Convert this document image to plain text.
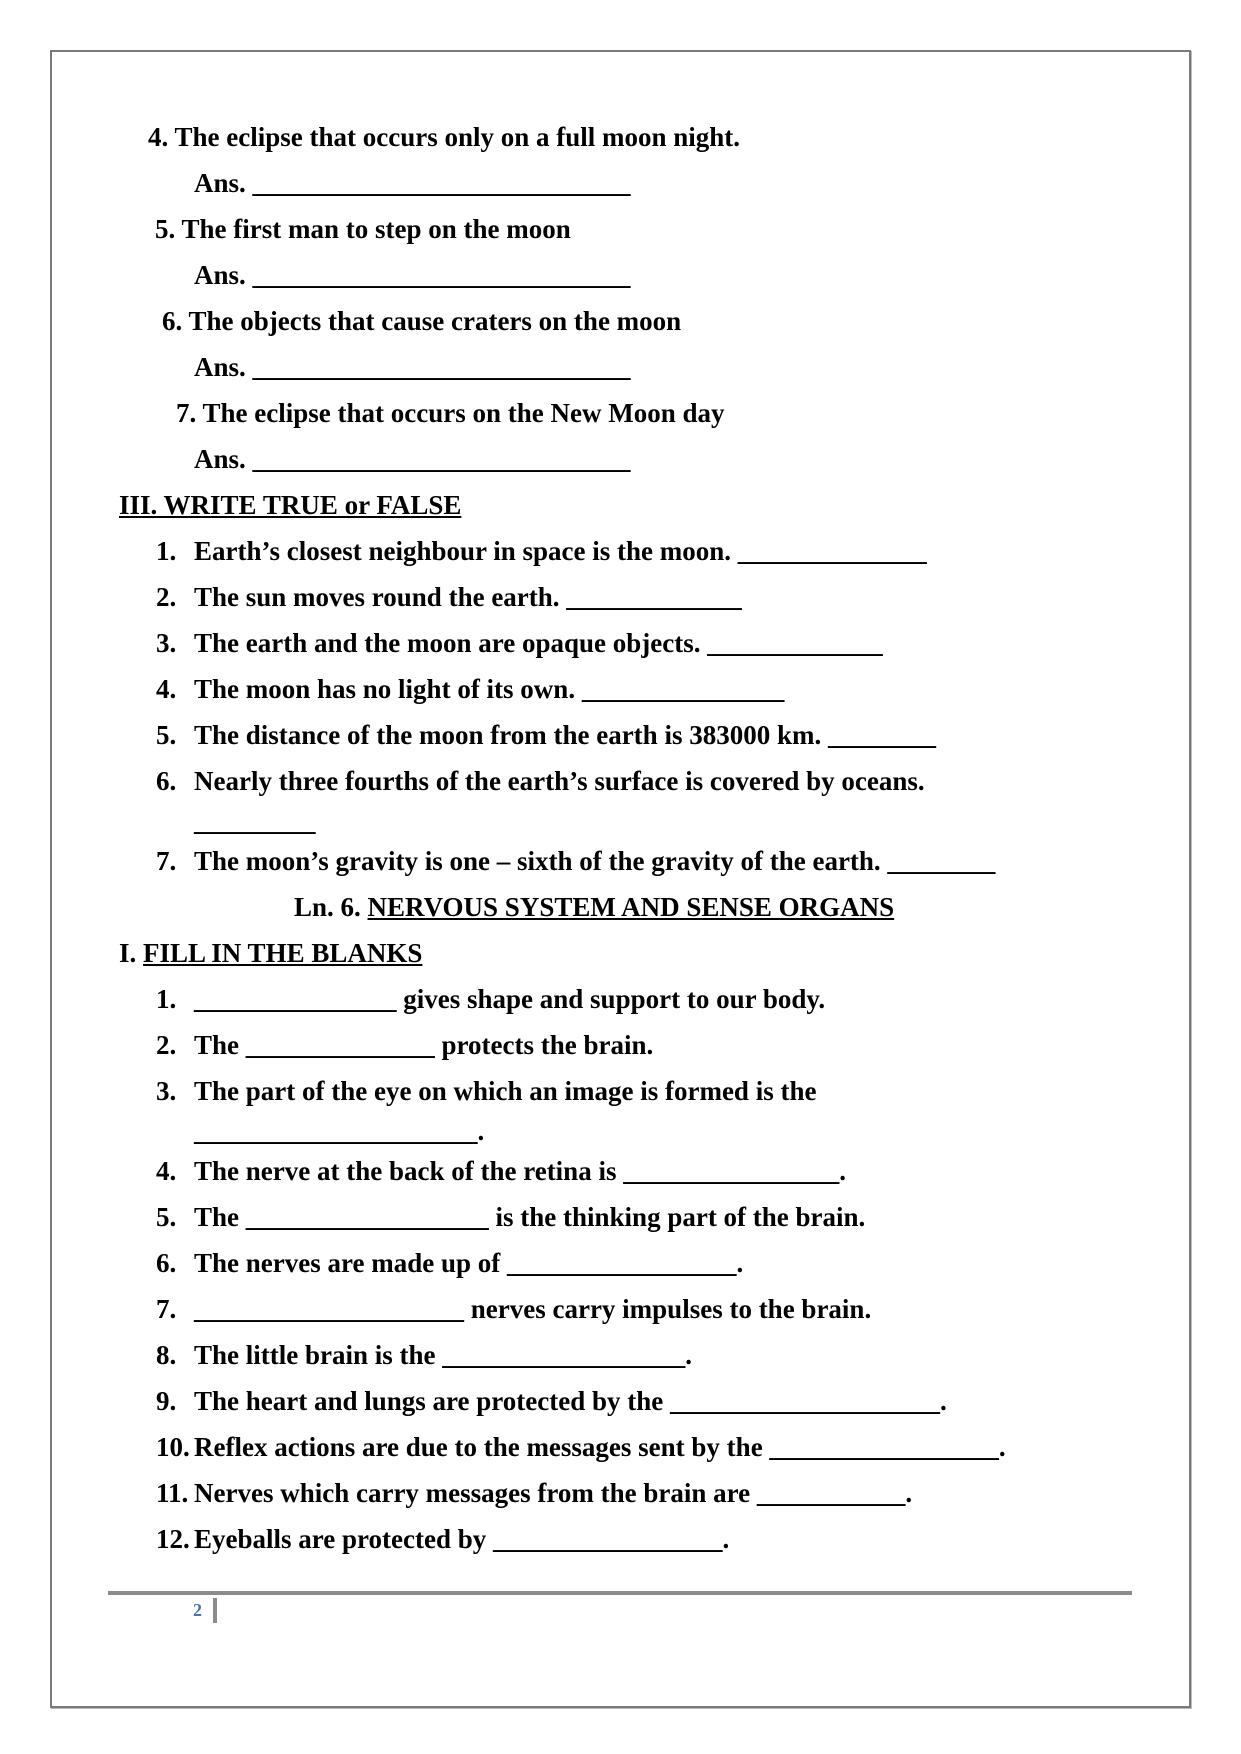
4. The eclipse that occurs only on a full moon night.
Ans. ____________________________
5. The first man to step on the moon
Ans. ____________________________
6. The objects that cause craters on the moon
Ans. ____________________________
7. The eclipse that occurs on the New Moon day
Ans. ____________________________
III. WRITE TRUE or FALSE
1. Earth’s closest neighbour in space is the moon. ______________
2. The sun moves round the earth. _____________
3. The earth and the moon are opaque objects. _____________
4. The moon has no light of its own. _______________
5. The distance of the moon from the earth is 383000 km. ________
6. Nearly three fourths of the earth’s surface is covered by oceans.
_________
7. The moon’s gravity is one – sixth of the gravity of the earth. ________
Ln. 6. NERVOUS SYSTEM AND SENSE ORGANS
I. FILL IN THE BLANKS
1. _______________ gives shape and support to our body.
2. The ______________ protects the brain.
3. The part of the eye on which an image is formed is the
_____________________.
4. The nerve at the back of the retina is ________________.
5. The __________________ is the thinking part of the brain.
6. The nerves are made up of _________________.
7. ____________________ nerves carry impulses to the brain.
8. The little brain is the __________________.
9. The heart and lungs are protected by the ____________________.
10. Reflex actions are due to the messages sent by the _________________.
11. Nerves which carry messages from the brain are ___________.
12. Eyeballs are protected by _________________.
2
